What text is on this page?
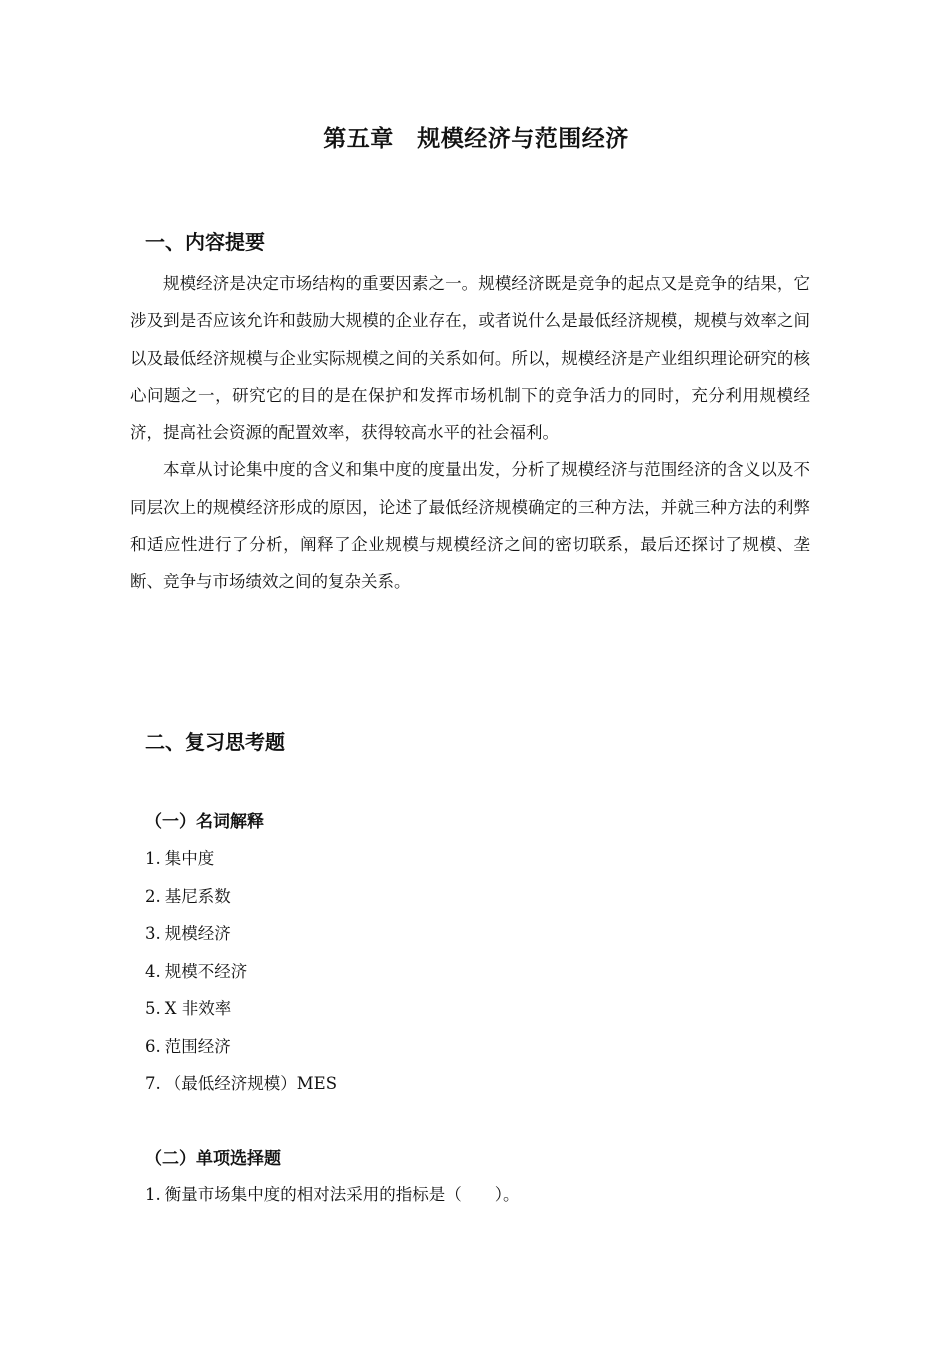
第五章　规模经济与范围经济
一、内容提要

规模经济是决定市场结构的重要因素之一。规模经济既是竞争的起点又是竞争的结果，它涉及到是否应该允许和鼓励大规模的企业存在，或者说什么是最低经济规模，规模与效率之间以及最低经济规模与企业实际规模之间的关系如何。所以，规模经济是产业组织理论研究的核心问题之一，研究它的目的是在保护和发挥市场机制下的竞争活力的同时，充分利用规模经济，提高社会资源的配置效率，获得较高水平的社会福利。

本章从讨论集中度的含义和集中度的度量出发，分析了规模经济与范围经济的含义以及不同层次上的规模经济形成的原因，论述了最低经济规模确定的三种方法，并就三种方法的利弊和适应性进行了分析，阐释了企业规模与规模经济之间的密切联系，最后还探讨了规模、垄断、竞争与市场绩效之间的复杂关系。

二、复习思考题
（一）名词解释
1. 集中度
2. 基尼系数
3. 规模经济
4. 规模不经济
5. X 非效率
6. 范围经济
7. （最低经济规模）MES
（二）单项选择题
1. 衡量市场集中度的相对法采用的指标是（　　）。
